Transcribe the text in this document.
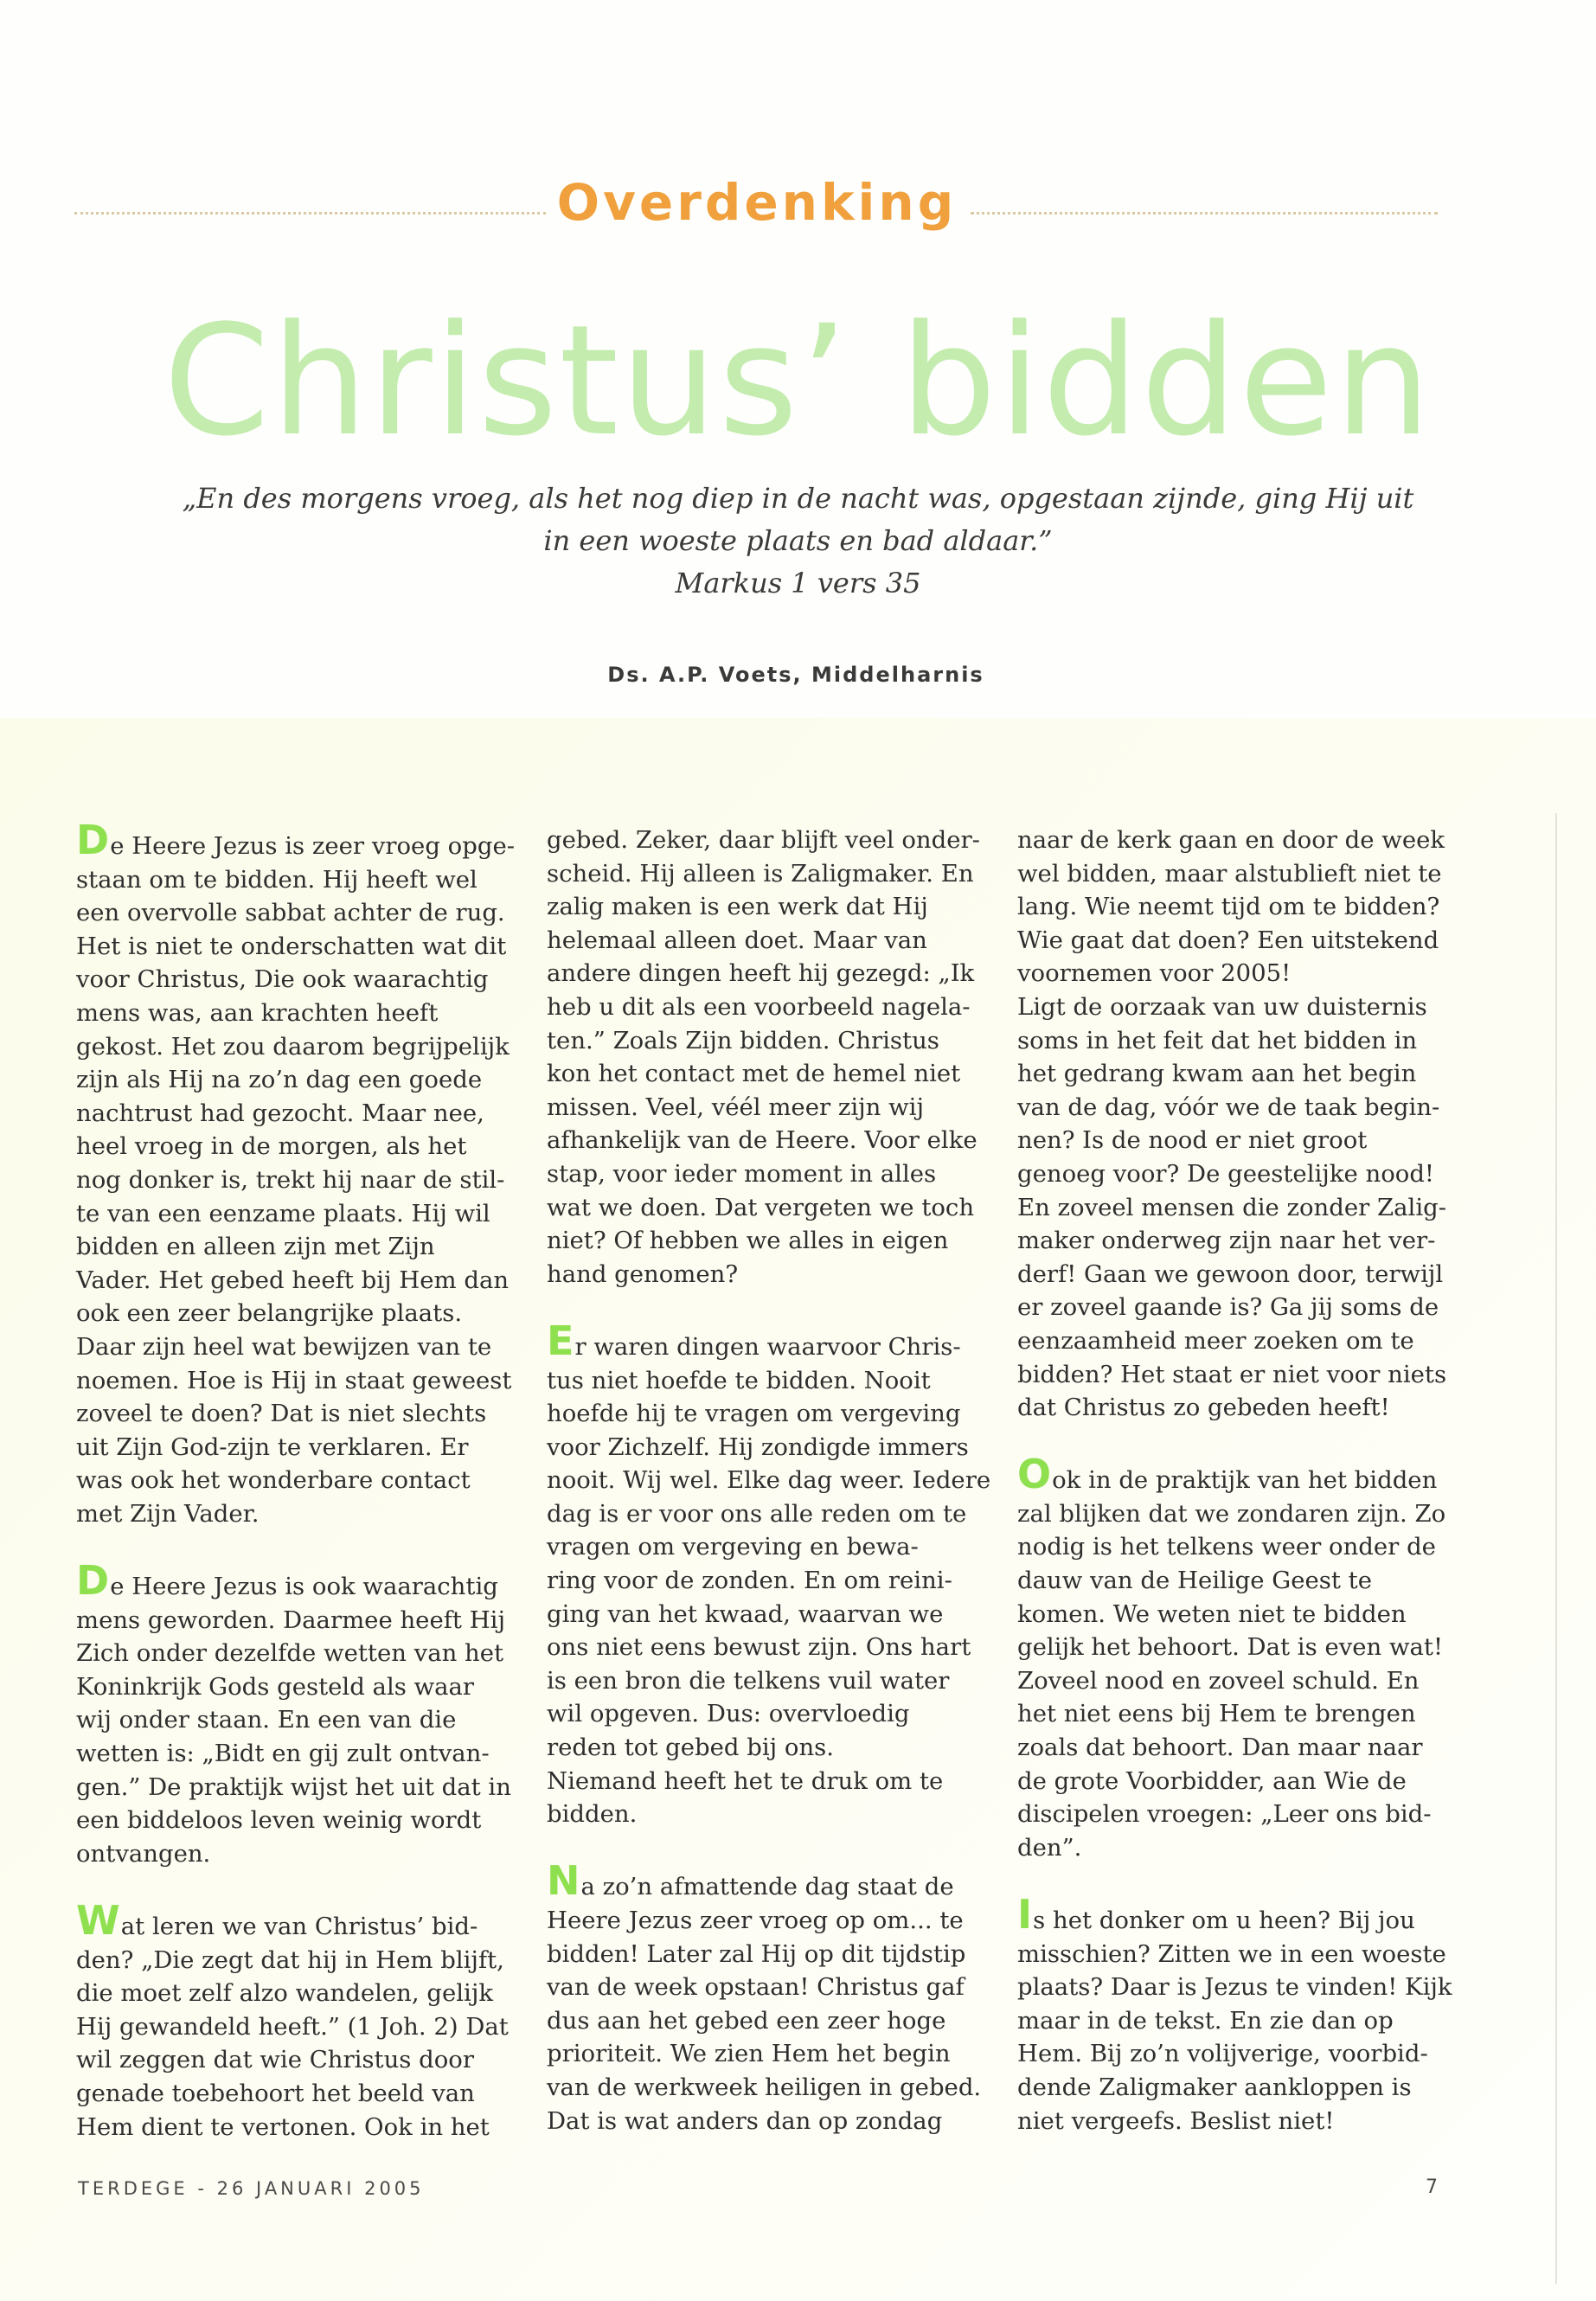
Overdenking
Christus’ bidden
„En des morgens vroeg, als het nog diep in de nacht was, opgestaan zijnde, ging Hij uit
in een woeste plaats en bad aldaar.”
Markus 1 vers 35
Ds. A.P. Voets, Middelharnis

De Heere Jezus is zeer vroeg opge-
staan om te bidden. Hij heeft wel
een overvolle sabbat achter de rug.
Het is niet te onderschatten wat dit
voor Christus, Die ook waarachtig
mens was, aan krachten heeft
gekost. Het zou daarom begrijpelijk
zijn als Hij na zo’n dag een goede
nachtrust had gezocht. Maar nee,
heel vroeg in de morgen, als het
nog donker is, trekt hij naar de stil-
te van een eenzame plaats. Hij wil
bidden en alleen zijn met Zijn
Vader. Het gebed heeft bij Hem dan
ook een zeer belangrijke plaats.
Daar zijn heel wat bewijzen van te
noemen. Hoe is Hij in staat geweest
zoveel te doen? Dat is niet slechts
uit Zijn God-zijn te verklaren. Er
was ook het wonderbare contact
met Zijn Vader.

De Heere Jezus is ook waarachtig
mens geworden. Daarmee heeft Hij
Zich onder dezelfde wetten van het
Koninkrijk Gods gesteld als waar
wij onder staan. En een van die
wetten is: „Bidt en gij zult ontvan-
gen.” De praktijk wijst het uit dat in
een biddeloos leven weinig wordt
ontvangen.

Wat leren we van Christus’ bid-
den? „Die zegt dat hij in Hem blijft,
die moet zelf alzo wandelen, gelijk
Hij gewandeld heeft.” (1 Joh. 2) Dat
wil zeggen dat wie Christus door
genade toebehoort het beeld van
Hem dient te vertonen. Ook in het

gebed. Zeker, daar blijft veel onder-
scheid. Hij alleen is Zaligmaker. En
zalig maken is een werk dat Hij
helemaal alleen doet. Maar van
andere dingen heeft hij gezegd: „Ik
heb u dit als een voorbeeld nagela-
ten.” Zoals Zijn bidden. Christus
kon het contact met de hemel niet
missen. Veel, véél meer zijn wij
afhankelijk van de Heere. Voor elke
stap, voor ieder moment in alles
wat we doen. Dat vergeten we toch
niet? Of hebben we alles in eigen
hand genomen?

Er waren dingen waarvoor Chris-
tus niet hoefde te bidden. Nooit
hoefde hij te vragen om vergeving
voor Zichzelf. Hij zondigde immers
nooit. Wij wel. Elke dag weer. Iedere
dag is er voor ons alle reden om te
vragen om vergeving en bewa-
ring voor de zonden. En om reini-
ging van het kwaad, waarvan we
ons niet eens bewust zijn. Ons hart
is een bron die telkens vuil water
wil opgeven. Dus: overvloedig
reden tot gebed bij ons.
Niemand heeft het te druk om te
bidden.

Na zo’n afmattende dag staat de
Heere Jezus zeer vroeg op om... te
bidden! Later zal Hij op dit tijdstip
van de week opstaan! Christus gaf
dus aan het gebed een zeer hoge
prioriteit. We zien Hem het begin
van de werkweek heiligen in gebed.
Dat is wat anders dan op zondag

naar de kerk gaan en door de week
wel bidden, maar alstublieft niet te
lang. Wie neemt tijd om te bidden?
Wie gaat dat doen? Een uitstekend
voornemen voor 2005!
Ligt de oorzaak van uw duisternis
soms in het feit dat het bidden in
het gedrang kwam aan het begin
van de dag, vóór we de taak begin-
nen? Is de nood er niet groot
genoeg voor? De geestelijke nood!
En zoveel mensen die zonder Zalig-
maker onderweg zijn naar het ver-
derf! Gaan we gewoon door, terwijl
er zoveel gaande is? Ga jij soms de
eenzaamheid meer zoeken om te
bidden? Het staat er niet voor niets
dat Christus zo gebeden heeft!

Ook in de praktijk van het bidden
zal blijken dat we zondaren zijn. Zo
nodig is het telkens weer onder de
dauw van de Heilige Geest te
komen. We weten niet te bidden
gelijk het behoort. Dat is even wat!
Zoveel nood en zoveel schuld. En
het niet eens bij Hem te brengen
zoals dat behoort. Dan maar naar
de grote Voorbidder, aan Wie de
discipelen vroegen: „Leer ons bid-
den”.

Is het donker om u heen? Bij jou
misschien? Zitten we in een woeste
plaats? Daar is Jezus te vinden! Kijk
maar in de tekst. En zie dan op
Hem. Bij zo’n volijverige, voorbid-
dende Zaligmaker aankloppen is
niet vergeefs. Beslist niet!

TERDEGE - 26 JANUARI 2005	7
